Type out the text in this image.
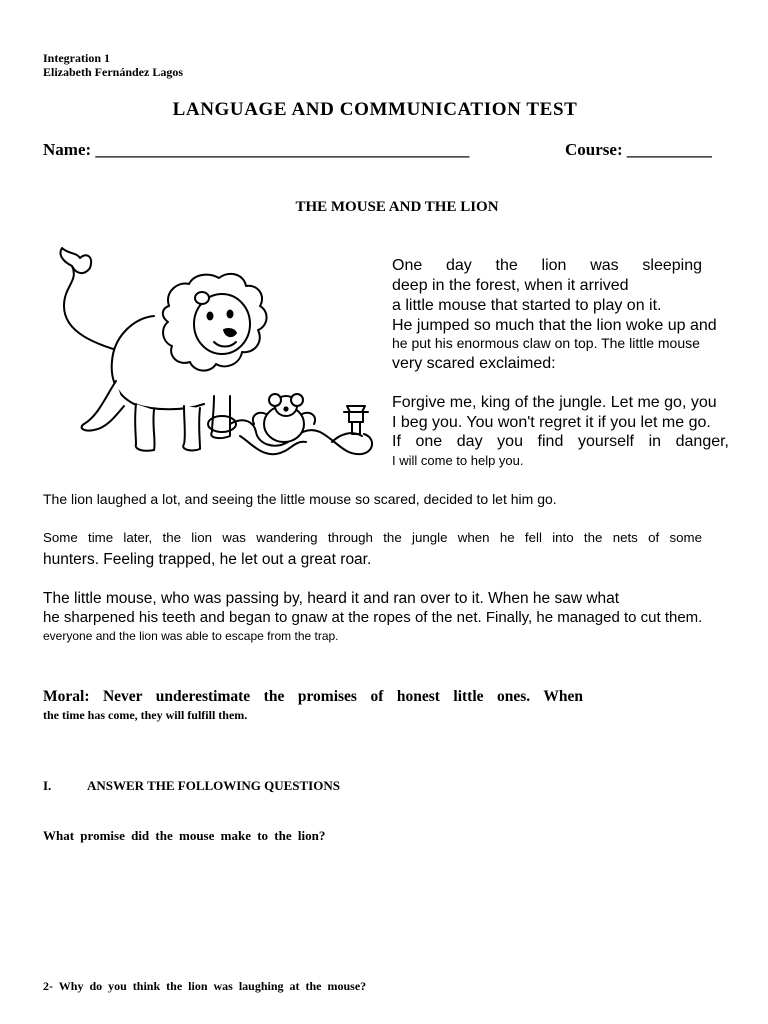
Integration 1
Elizabeth Fernández Lagos
LANGUAGE AND COMMUNICATION TEST
Name: ____________________________________________	Course: __________
THE MOUSE AND THE LION
One day the lion was sleeping
deep in the forest, when it arrived
a little mouse that started to play on it.
He jumped so much that the lion woke up and
he put his enormous claw on top. The little mouse
very scared exclaimed:
Forgive me, king of the jungle. Let me go, you
I beg you. You won't regret it if you let me go.
If one day you find yourself in danger,
I will come to help you.
The lion laughed a lot, and seeing the little mouse so scared, decided to let him go.
Some time later, the lion was wandering through the jungle when he fell into the nets of some
hunters. Feeling trapped, he let out a great roar.
The little mouse, who was passing by, heard it and ran over to it. When he saw what
he sharpened his teeth and began to gnaw at the ropes of the net. Finally, he managed to cut them.
everyone and the lion was able to escape from the trap.
Moral: Never underestimate the promises of honest little ones. When
the time has come, they will fulfill them.
I.	ANSWER THE FOLLOWING QUESTIONS
What promise did the mouse make to the lion?
2- Why do you think the lion was laughing at the mouse?
